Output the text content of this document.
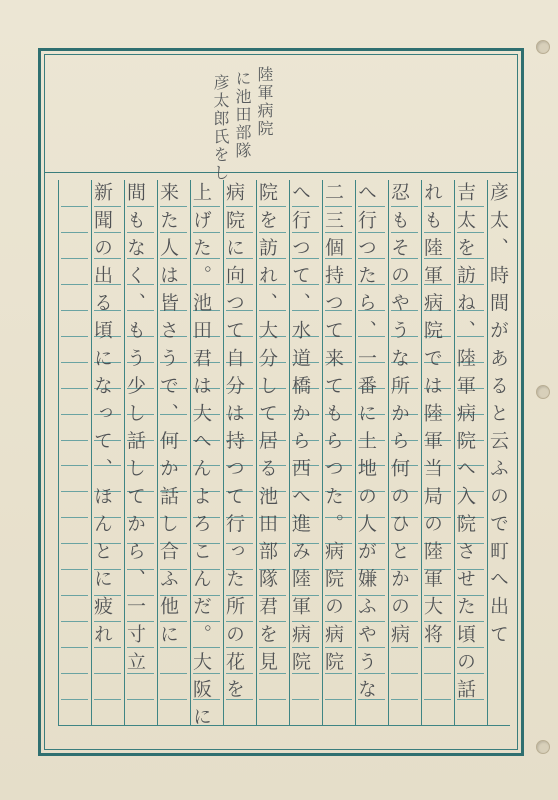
陸軍病院
に池田部隊
彦太郎氏をし
彦太、時間があると云ふので町へ出て
吉太を訪ね、陸軍病院へ入院させた頃の話
れも陸軍病院では陸軍当局の陸軍大将
忍もそのやうな所から何のひとかの病
へ行つたら、一番に土地の人が嫌ふやうな
二三個持つて来てもらつた。病院の病院
へ行つて、水道橋から西へ進み陸軍病院
院を訪れ、大分して居る池田部隊君を見
病院に向つて自分は持つて行った所の花を
上げた。池田君は大へんよろこんだ。大阪に
来た人は皆さうで、何か話し合ふ他に
間もなく、もう少し話してから、一寸立
新聞の出る頃になって、ほんとに疲れ
